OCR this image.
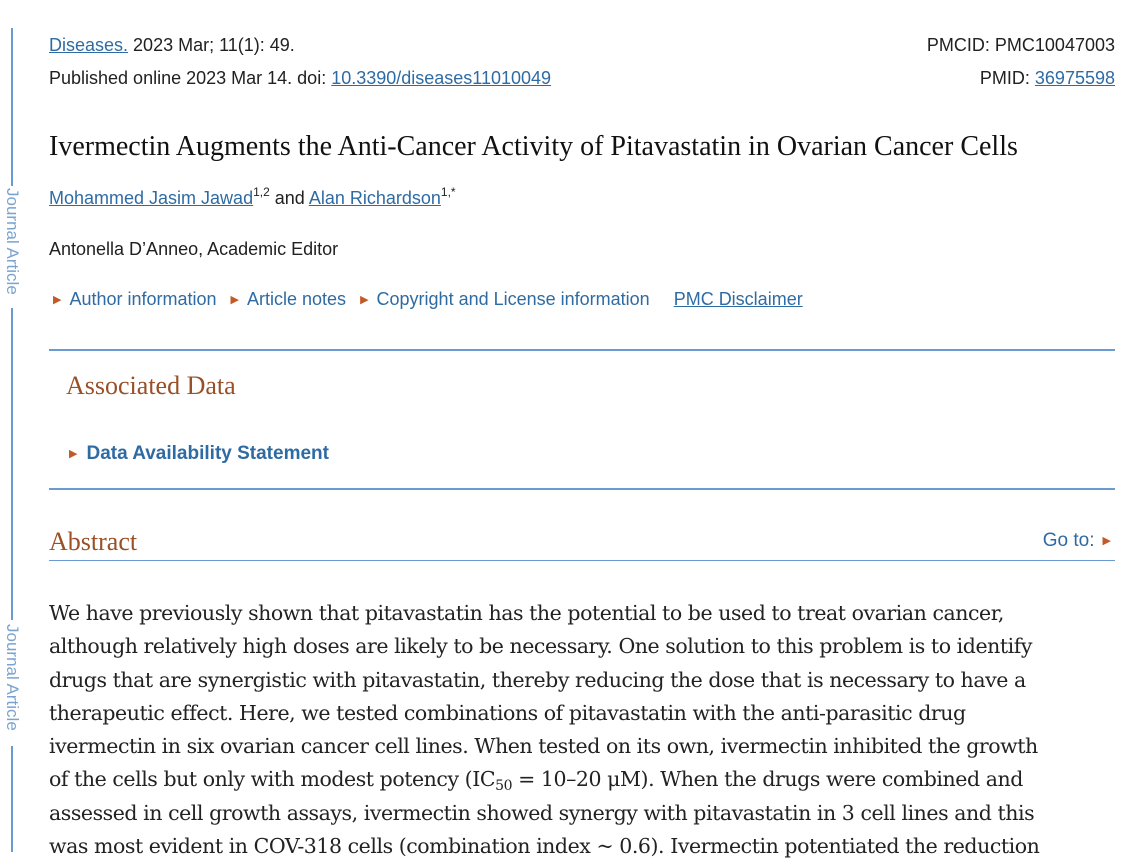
Journal Article
Journal Article
Diseases. 2023 Mar; 11(1): 49.	PMCID: PMC10047003
Published online 2023 Mar 14. doi: 10.3390/diseases11010049	PMID: 36975598
Ivermectin Augments the Anti-Cancer Activity of Pitavastatin in Ovarian Cancer Cells
Mohammed Jasim Jawad$^{1,2}$ and Alan Richardson$^{1,*}$
Antonella D’Anneo, Academic Editor
▶ Author information ▶ Article notes ▶ Copyright and License information PMC Disclaimer
Associated Data
▶ Data Availability Statement
Abstract	Go to: ▶
We have previously shown that pitavastatin has the potential to be used to treat ovarian cancer,
although relatively high doses are likely to be necessary. One solution to this problem is to identify
drugs that are synergistic with pitavastatin, thereby reducing the dose that is necessary to have a
therapeutic effect. Here, we tested combinations of pitavastatin with the anti-parasitic drug
ivermectin in six ovarian cancer cell lines. When tested on its own, ivermectin inhibited the growth
of the cells but only with modest potency ($IC_{50} = 10-20$ μM). When the drugs were combined and
assessed in cell growth assays, ivermectin showed synergy with pitavastatin in 3 cell lines and this
was most evident in COV-318 cells (combination index ~ 0.6). Ivermectin potentiated the reduction
